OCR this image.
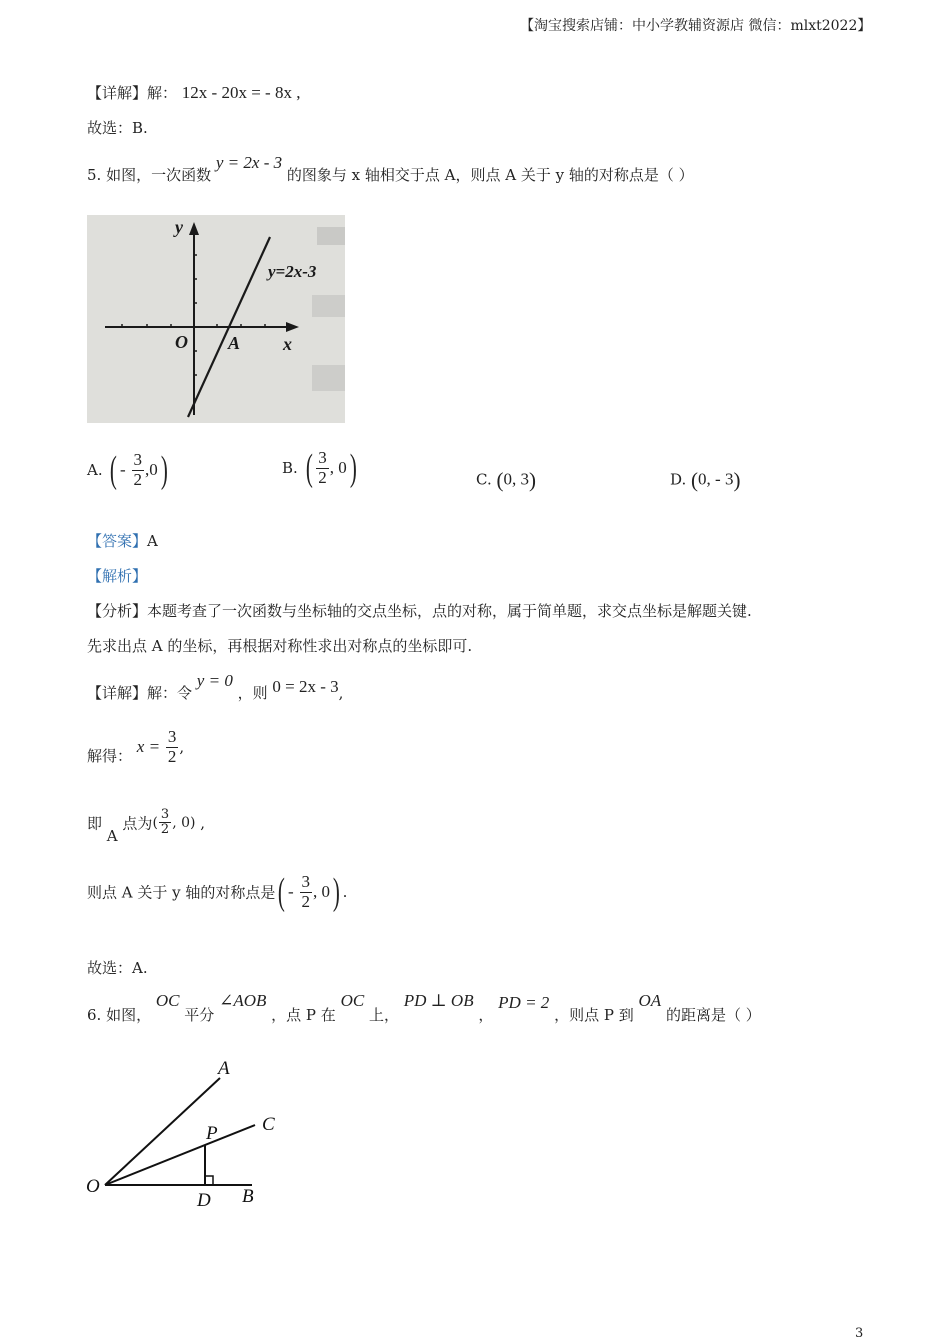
【淘宝搜索店铺：中小学教辅资源店 微信：mlxt2022】
【详解】解： 12x - 20x = - 8x ,
故选：B.
5. 如图，一次函数 y = 2x - 3 的图象与 x 轴相交于点 A，则点 A 关于 y 轴的对称点是（ ）
y=2x-3
O A x
y
A. ( - $\frac{3}{2} ,0$)	B. ( $\frac{3}{2}$ , 0)	C. (0, 3)	D. (0, - 3)
【答案】A
【解析】
【分析】本题考查了一次函数与坐标轴的交点坐标，点的对称，属于简单题，求交点坐标是解题关键.
先求出点 A 的坐标，再根据对称性求出对称点的坐标即可.
【详解】解：令 y = 0 ，则 0 = 2x - 3,
解得： $x = \frac{3}{2}$ ,
即 A 点为( $\frac{3}{2}$ , 0) ,
则点 A 关于 y 轴的对称点是( - $\frac{3}{2}$ , 0) .
故选：A.
6. 如图， OC 平分 ∠AOB ，点 P 在 OC 上， PD ⊥ OB ， PD = 2 ，则点 P 到 OA 的距离是（ ）
A
C
P
O
D B
3
